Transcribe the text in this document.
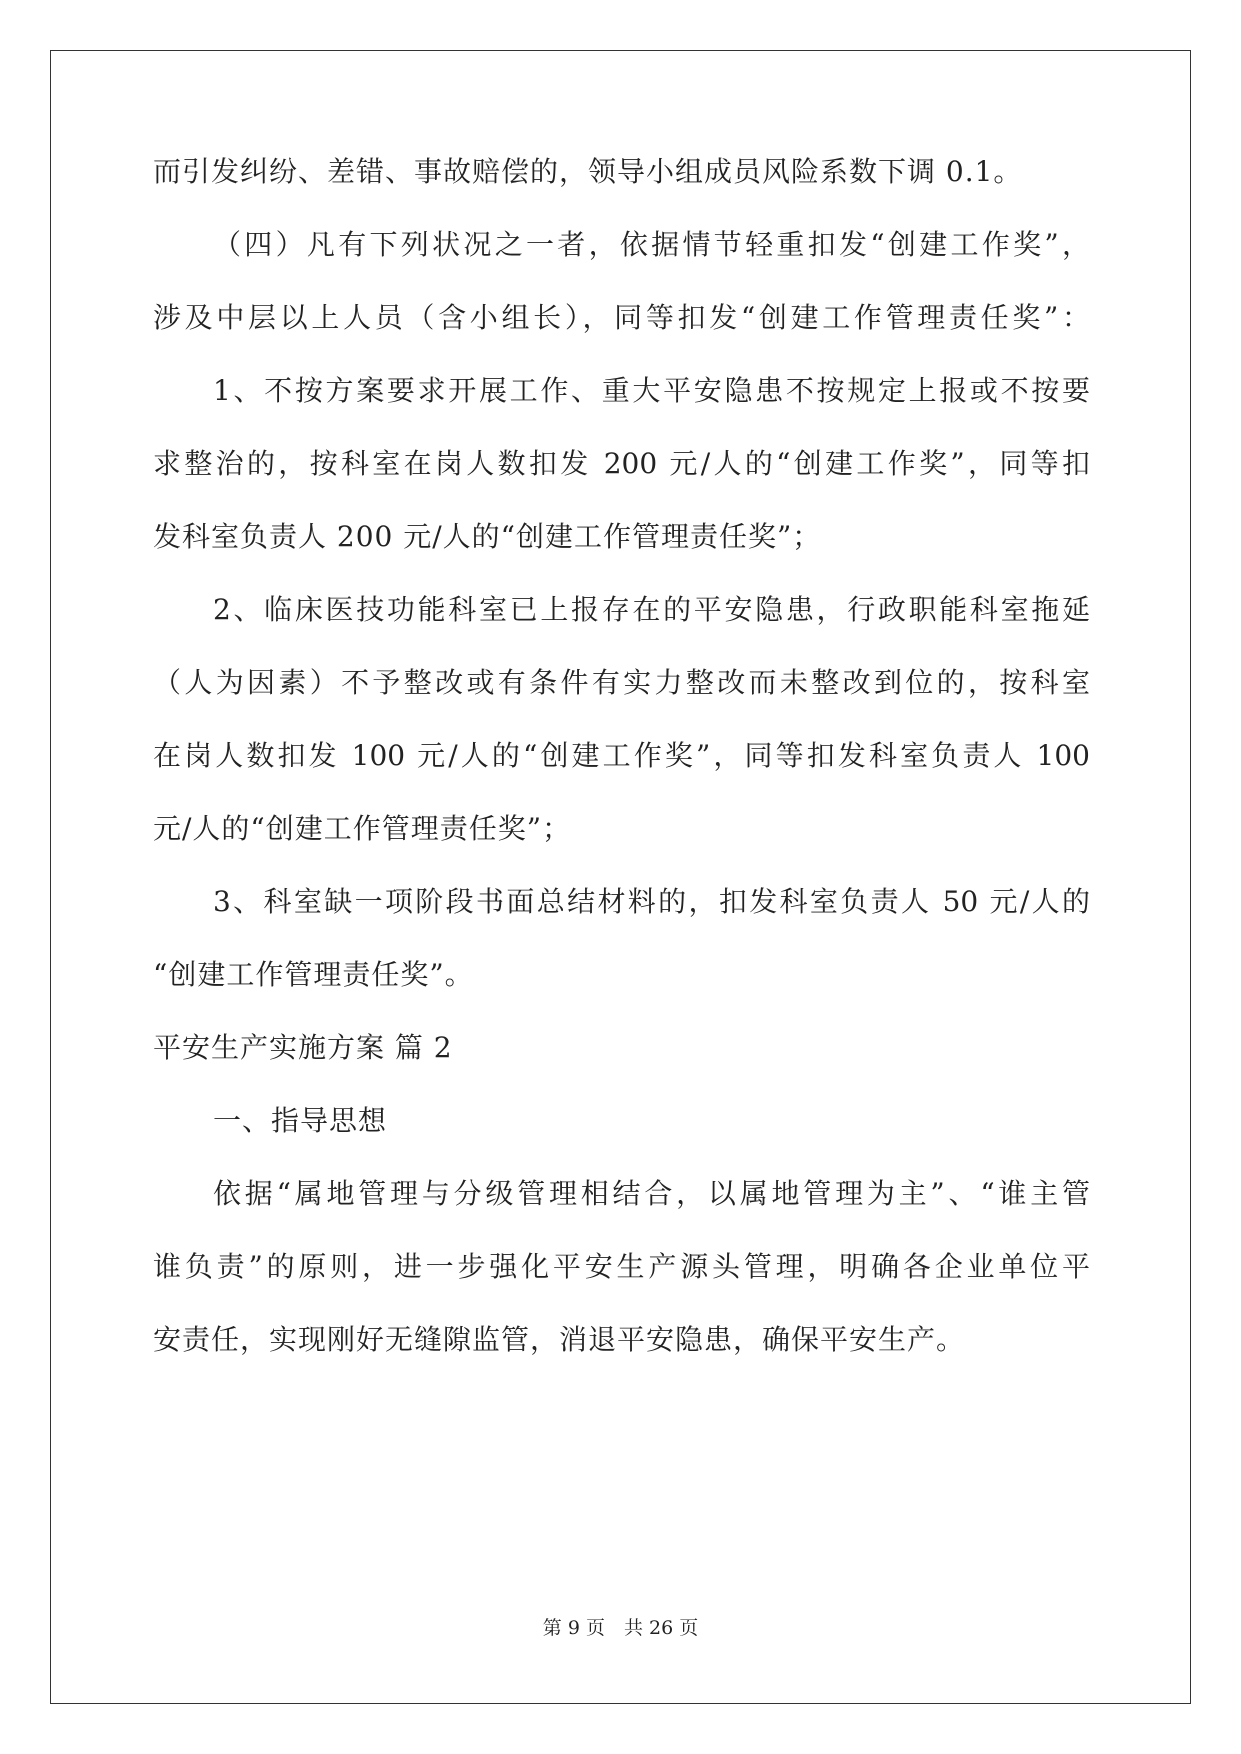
而引发纠纷、差错、事故赔偿的，领导小组成员风险系数下调 0.1。
（四）凡有下列状况之一者，依据情节轻重扣发“创建工作奖”，
涉及中层以上人员（含小组长），同等扣发“创建工作管理责任奖”：
1、不按方案要求开展工作、重大平安隐患不按规定上报或不按要
求整治的，按科室在岗人数扣发 200 元/人的“创建工作奖”，同等扣
发科室负责人 200 元/人的“创建工作管理责任奖”；
2、临床医技功能科室已上报存在的平安隐患，行政职能科室拖延
（人为因素）不予整改或有条件有实力整改而未整改到位的，按科室
在岗人数扣发 100 元/人的“创建工作奖”，同等扣发科室负责人 100
元/人的“创建工作管理责任奖”；
3、科室缺一项阶段书面总结材料的，扣发科室负责人 50 元/人的
“创建工作管理责任奖”。
平安生产实施方案 篇 2
一、指导思想
依据“属地管理与分级管理相结合，以属地管理为主”、“谁主管
谁负责”的原则，进一步强化平安生产源头管理，明确各企业单位平
安责任，实现刚好无缝隙监管，消退平安隐患，确保平安生产。
第 9 页　共 26 页
